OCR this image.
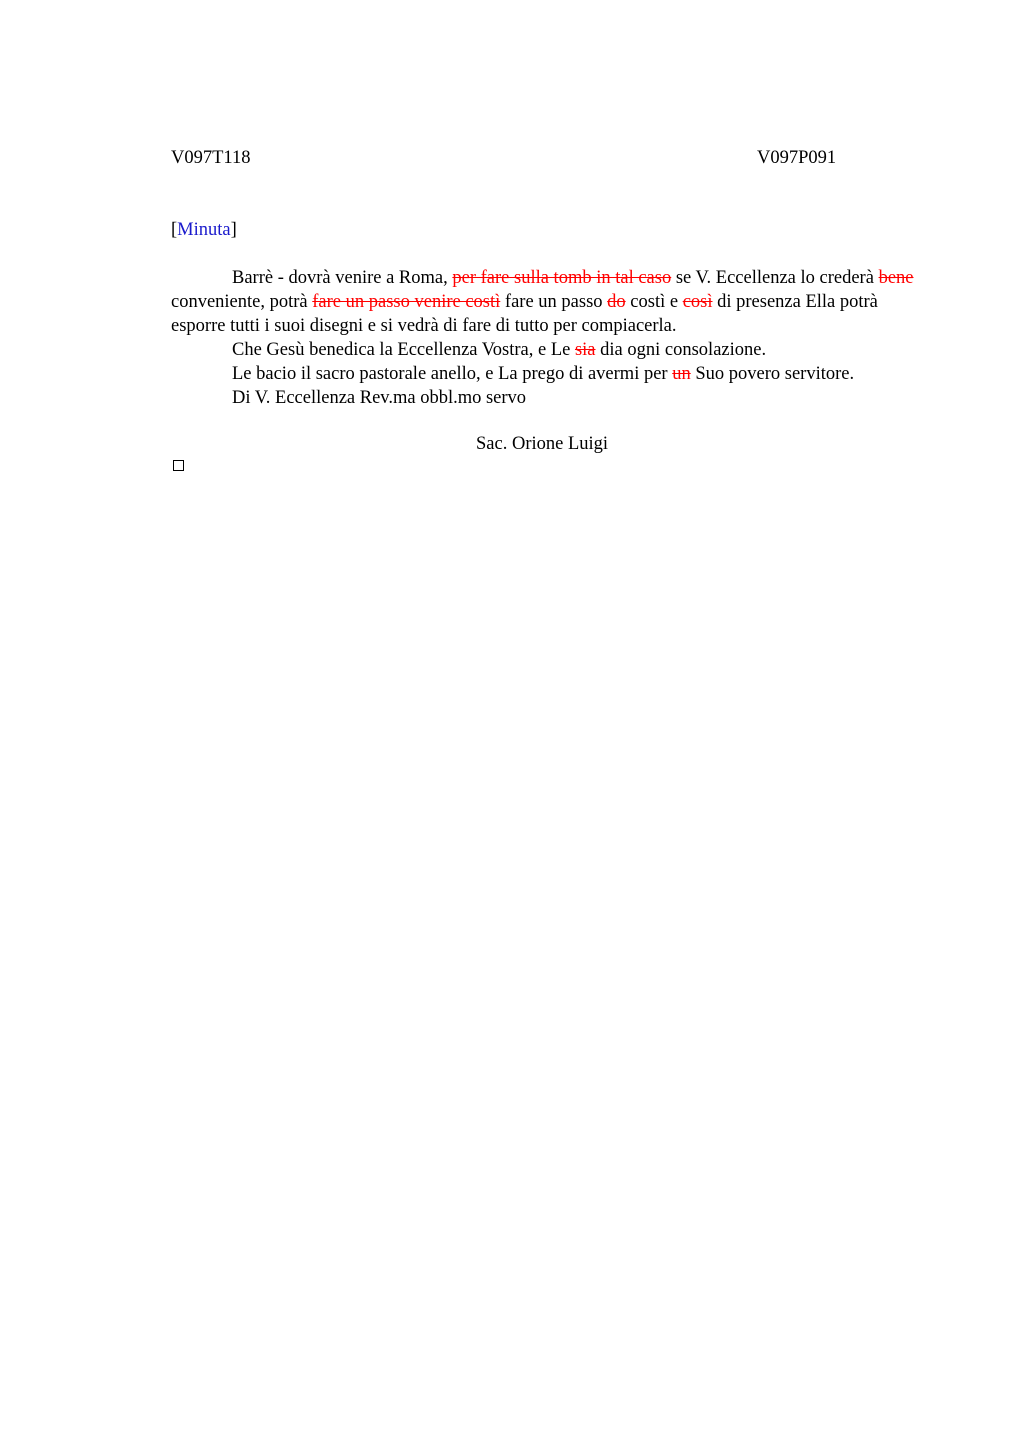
V097T118	V097P091
[Minuta]

Barrè - dovrà venire a Roma, per fare sulla tomb in tal caso se V. Eccellenza lo crederà bene conveniente, potrà fare un passo venire costì fare un passo do costì e così di presenza Ella potrà esporre tutti i suoi disegni e si vedrà di fare di tutto per compiacerla.

Che Gesù benedica la Eccellenza Vostra, e Le sia dia ogni consolazione.

Le bacio il sacro pastorale anello, e La prego di avermi per un Suo povero servitore.

Di V. Eccellenza Rev.ma obbl.mo servo

Sac. Orione Luigi
